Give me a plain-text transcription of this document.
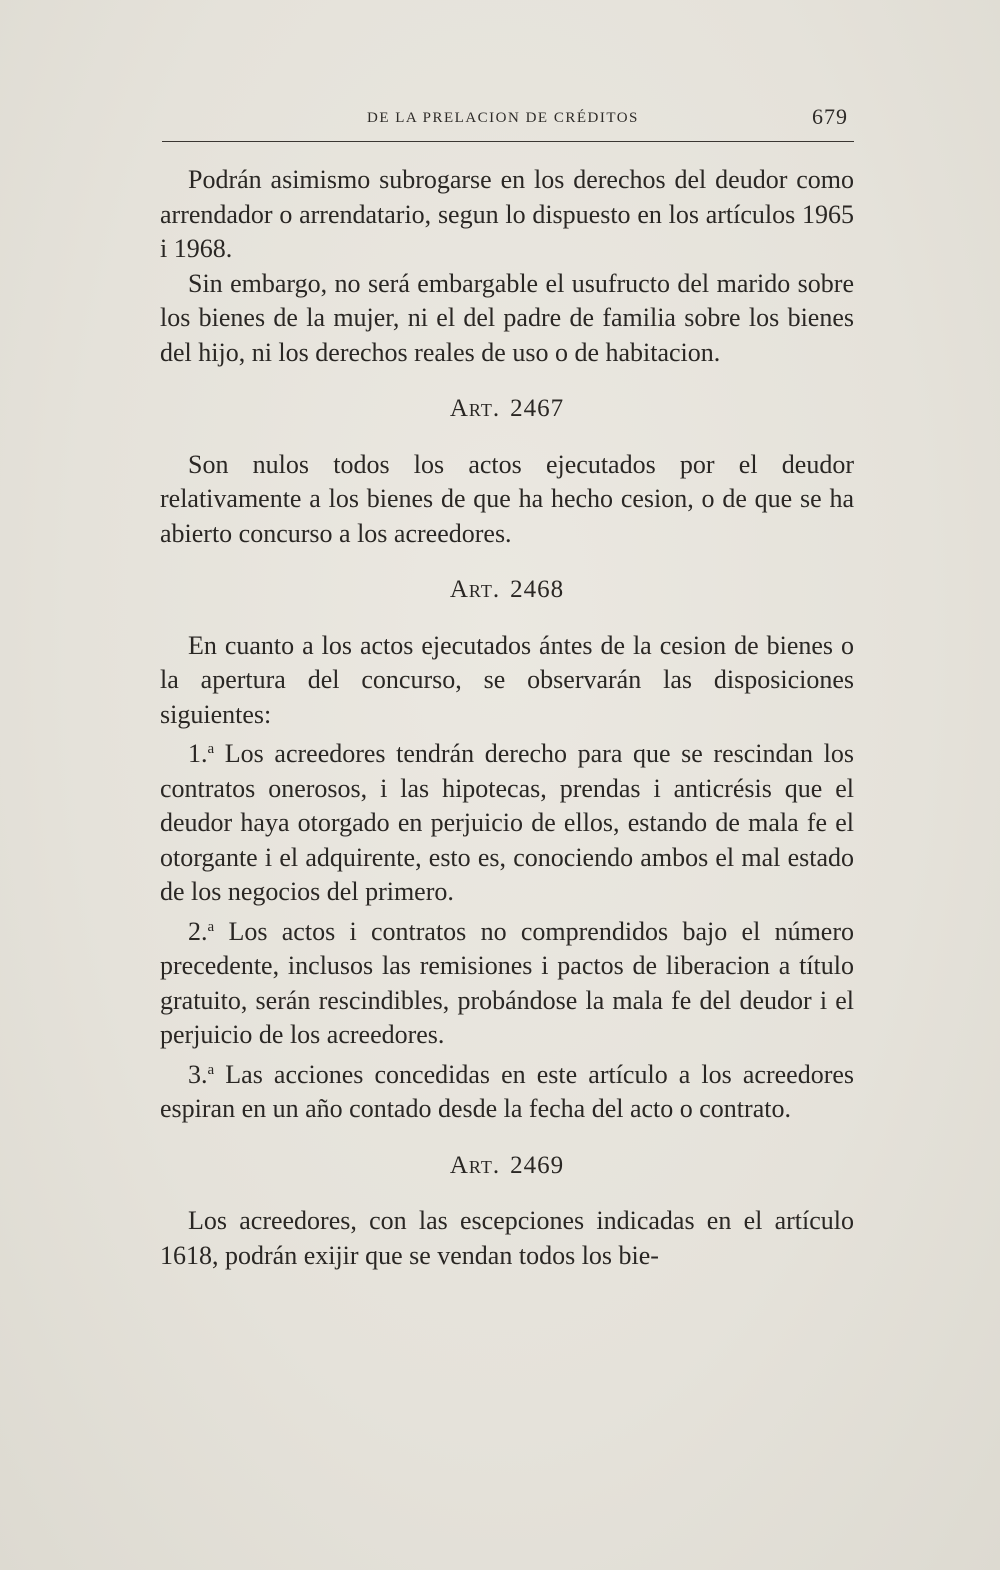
DE LA PRELACION DE CRÉDITOS	679

Podrán asimismo subrogarse en los derechos del deudor como arrendador o arrendatario, segun lo dispuesto en los artículos 1965 i 1968.

Sin embargo, no será embargable el usufructo del marido sobre los bienes de la mujer, ni el del padre de familia sobre los bienes del hijo, ni los derechos reales de uso o de habitacion.

Art. 2467

Son nulos todos los actos ejecutados por el deudor relativamente a los bienes de que ha hecho cesion, o de que se ha abierto concurso a los acreedores.

Art. 2468

En cuanto a los actos ejecutados ántes de la cesion de bienes o la apertura del concurso, se observarán las disposiciones siguientes:

1.$^a$ Los acreedores tendrán derecho para que se rescindan los contratos onerosos, i las hipotecas, prendas i anticrésis que el deudor haya otorgado en perjuicio de ellos, estando de mala fe el otorgante i el adquirente, esto es, conociendo ambos el mal estado de los negocios del primero.

2.$^a$ Los actos i contratos no comprendidos bajo el número precedente, inclusos las remisiones i pactos de liberacion a título gratuito, serán rescindibles, probándose la mala fe del deudor i el perjuicio de los acreedores.

3.$^a$ Las acciones concedidas en este artículo a los acreedores espiran en un año contado desde la fecha del acto o contrato.

Art. 2469

Los acreedores, con las escepciones indicadas en el artículo 1618, podrán exijir que se vendan todos los bie-
